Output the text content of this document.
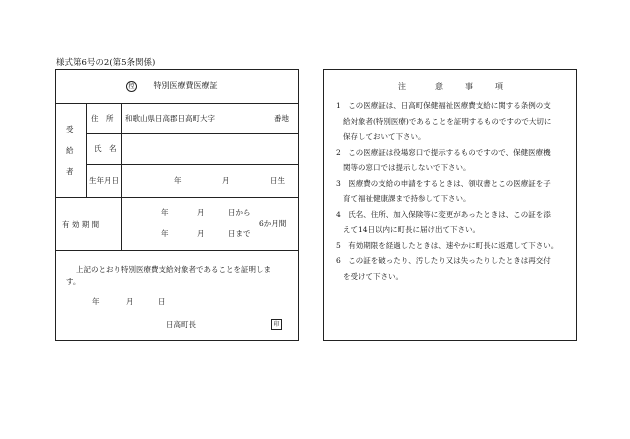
様式第6号の2(第5条関係)
控 特別医療費医療証
受
給
者
住　所 和歌山県日高郡日高町大字	番地
氏　名
生年月日	年	月	日生
有 効 期 間
年	月	日から
年	月	日まで
6か月間
上記のとおり特別医療費支給対象者であることを証明しま
す。
年	月	日
日高町長	印
注	意	事	項
1　この医療証は、日高町保健福祉医療費支給に関する条例の支
給対象者(特別医療)であることを証明するものですので大切に
保存しておいて下さい。
2　この医療証は役場窓口で提示するものですので、保健医療機
関等の窓口では提示しないで下さい。
3　医療費の支給の申請をするときは、領収書とこの医療証を子
育て福祉健康課まで持参して下さい。
4　氏名、住所、加入保険等に変更があったときは、この証を添
えて14日以内に町長に届け出て下さい。
5　有効期限を経過したときは、速やかに町長に返還して下さい。
6　この証を破ったり、汚したり又は失ったりしたときは再交付
を受けて下さい。
